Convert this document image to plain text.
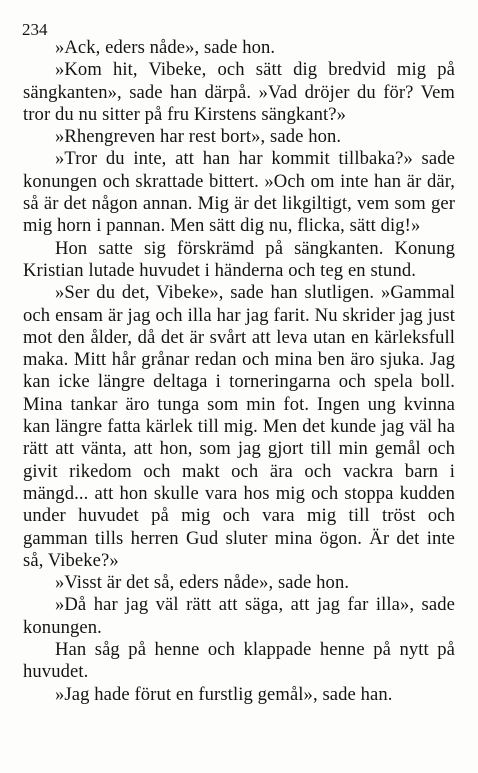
234

»Ack, eders nåde», sade hon.

»Kom hit, Vibeke, och sätt dig bredvid mig på sängkanten», sade han därpå. »Vad dröjer du för? Vem tror du nu sitter på fru Kirstens sängkant?»

»Rhengreven har rest bort», sade hon.

»Tror du inte, att han har kommit tillbaka?» sade konungen och skrattade bittert. »Och om inte han är där, så är det någon annan. Mig är det likgiltigt, vem som ger mig horn i pannan. Men sätt dig nu, flicka, sätt dig!»

Hon satte sig förskrämd på sängkanten. Konung Kristian lutade huvudet i händerna och teg en stund.

»Ser du det, Vibeke», sade han slutligen. »Gammal och ensam är jag och illa har jag farit. Nu skrider jag just mot den ålder, då det är svårt att leva utan en kärleksfull maka. Mitt hår grånar redan och mina ben äro sjuka. Jag kan icke längre deltaga i torneringarna och spela boll. Mina tankar äro tunga som min fot. Ingen ung kvinna kan längre fatta kärlek till mig. Men det kunde jag väl ha rätt att vänta, att hon, som jag gjort till min gemål och givit rikedom och makt och ära och vackra barn i mängd... att hon skulle vara hos mig och stoppa kudden under huvudet på mig och vara mig till tröst och gamman tills herren Gud sluter mina ögon. Är det inte så, Vibeke?»

»Visst är det så, eders nåde», sade hon.

»Då har jag väl rätt att säga, att jag far illa», sade konungen.

Han såg på henne och klappade henne på nytt på huvudet.

»Jag hade förut en furstlig gemål», sade han.
